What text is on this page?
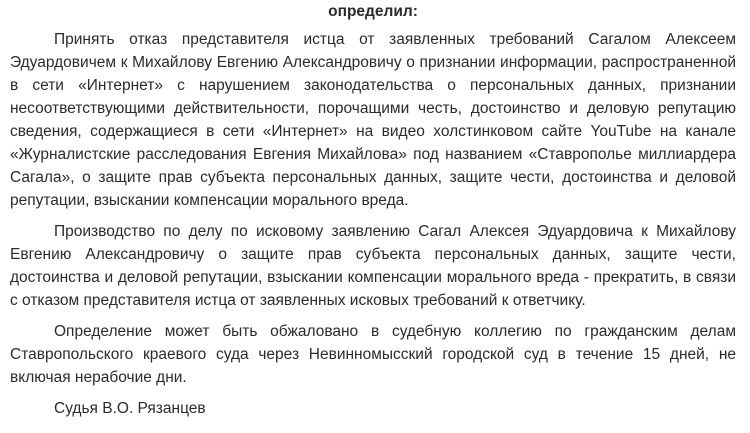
определил:

Принять отказ представителя истца от заявленных требований Сагалом Алексеем Эдуардовичем к Михайлову Евгению Александровичу о признании информации, распространенной в сети «Интернет» с нарушением законодательства о персональных данных, признании несоответствующими действительности, порочащими честь, достоинство и деловую репутацию сведения, содержащиеся в сети «Интернет» на видео холстинковом сайте YouTube на канале «Журналистские расследования Евгения Михайлова» под названием «Ставрополье миллиардера Сагала», о защите прав субъекта персональных данных, защите чести, достоинства и деловой репутации, взыскании компенсации морального вреда.

Производство по делу по исковому заявлению Сагал Алексея Эдуардовича к Михайлову Евгению Александровичу о защите прав субъекта персональных данных, защите чести, достоинства и деловой репутации, взыскании компенсации морального вреда - прекратить, в связи с отказом представителя истца от заявленных исковых требований к ответчику.

Определение может быть обжаловано в судебную коллегию по гражданским делам Ставропольского краевого суда через Невинномысский городской суд в течение 15 дней, не включая нерабочие дни.

Судья В.О. Рязанцев
